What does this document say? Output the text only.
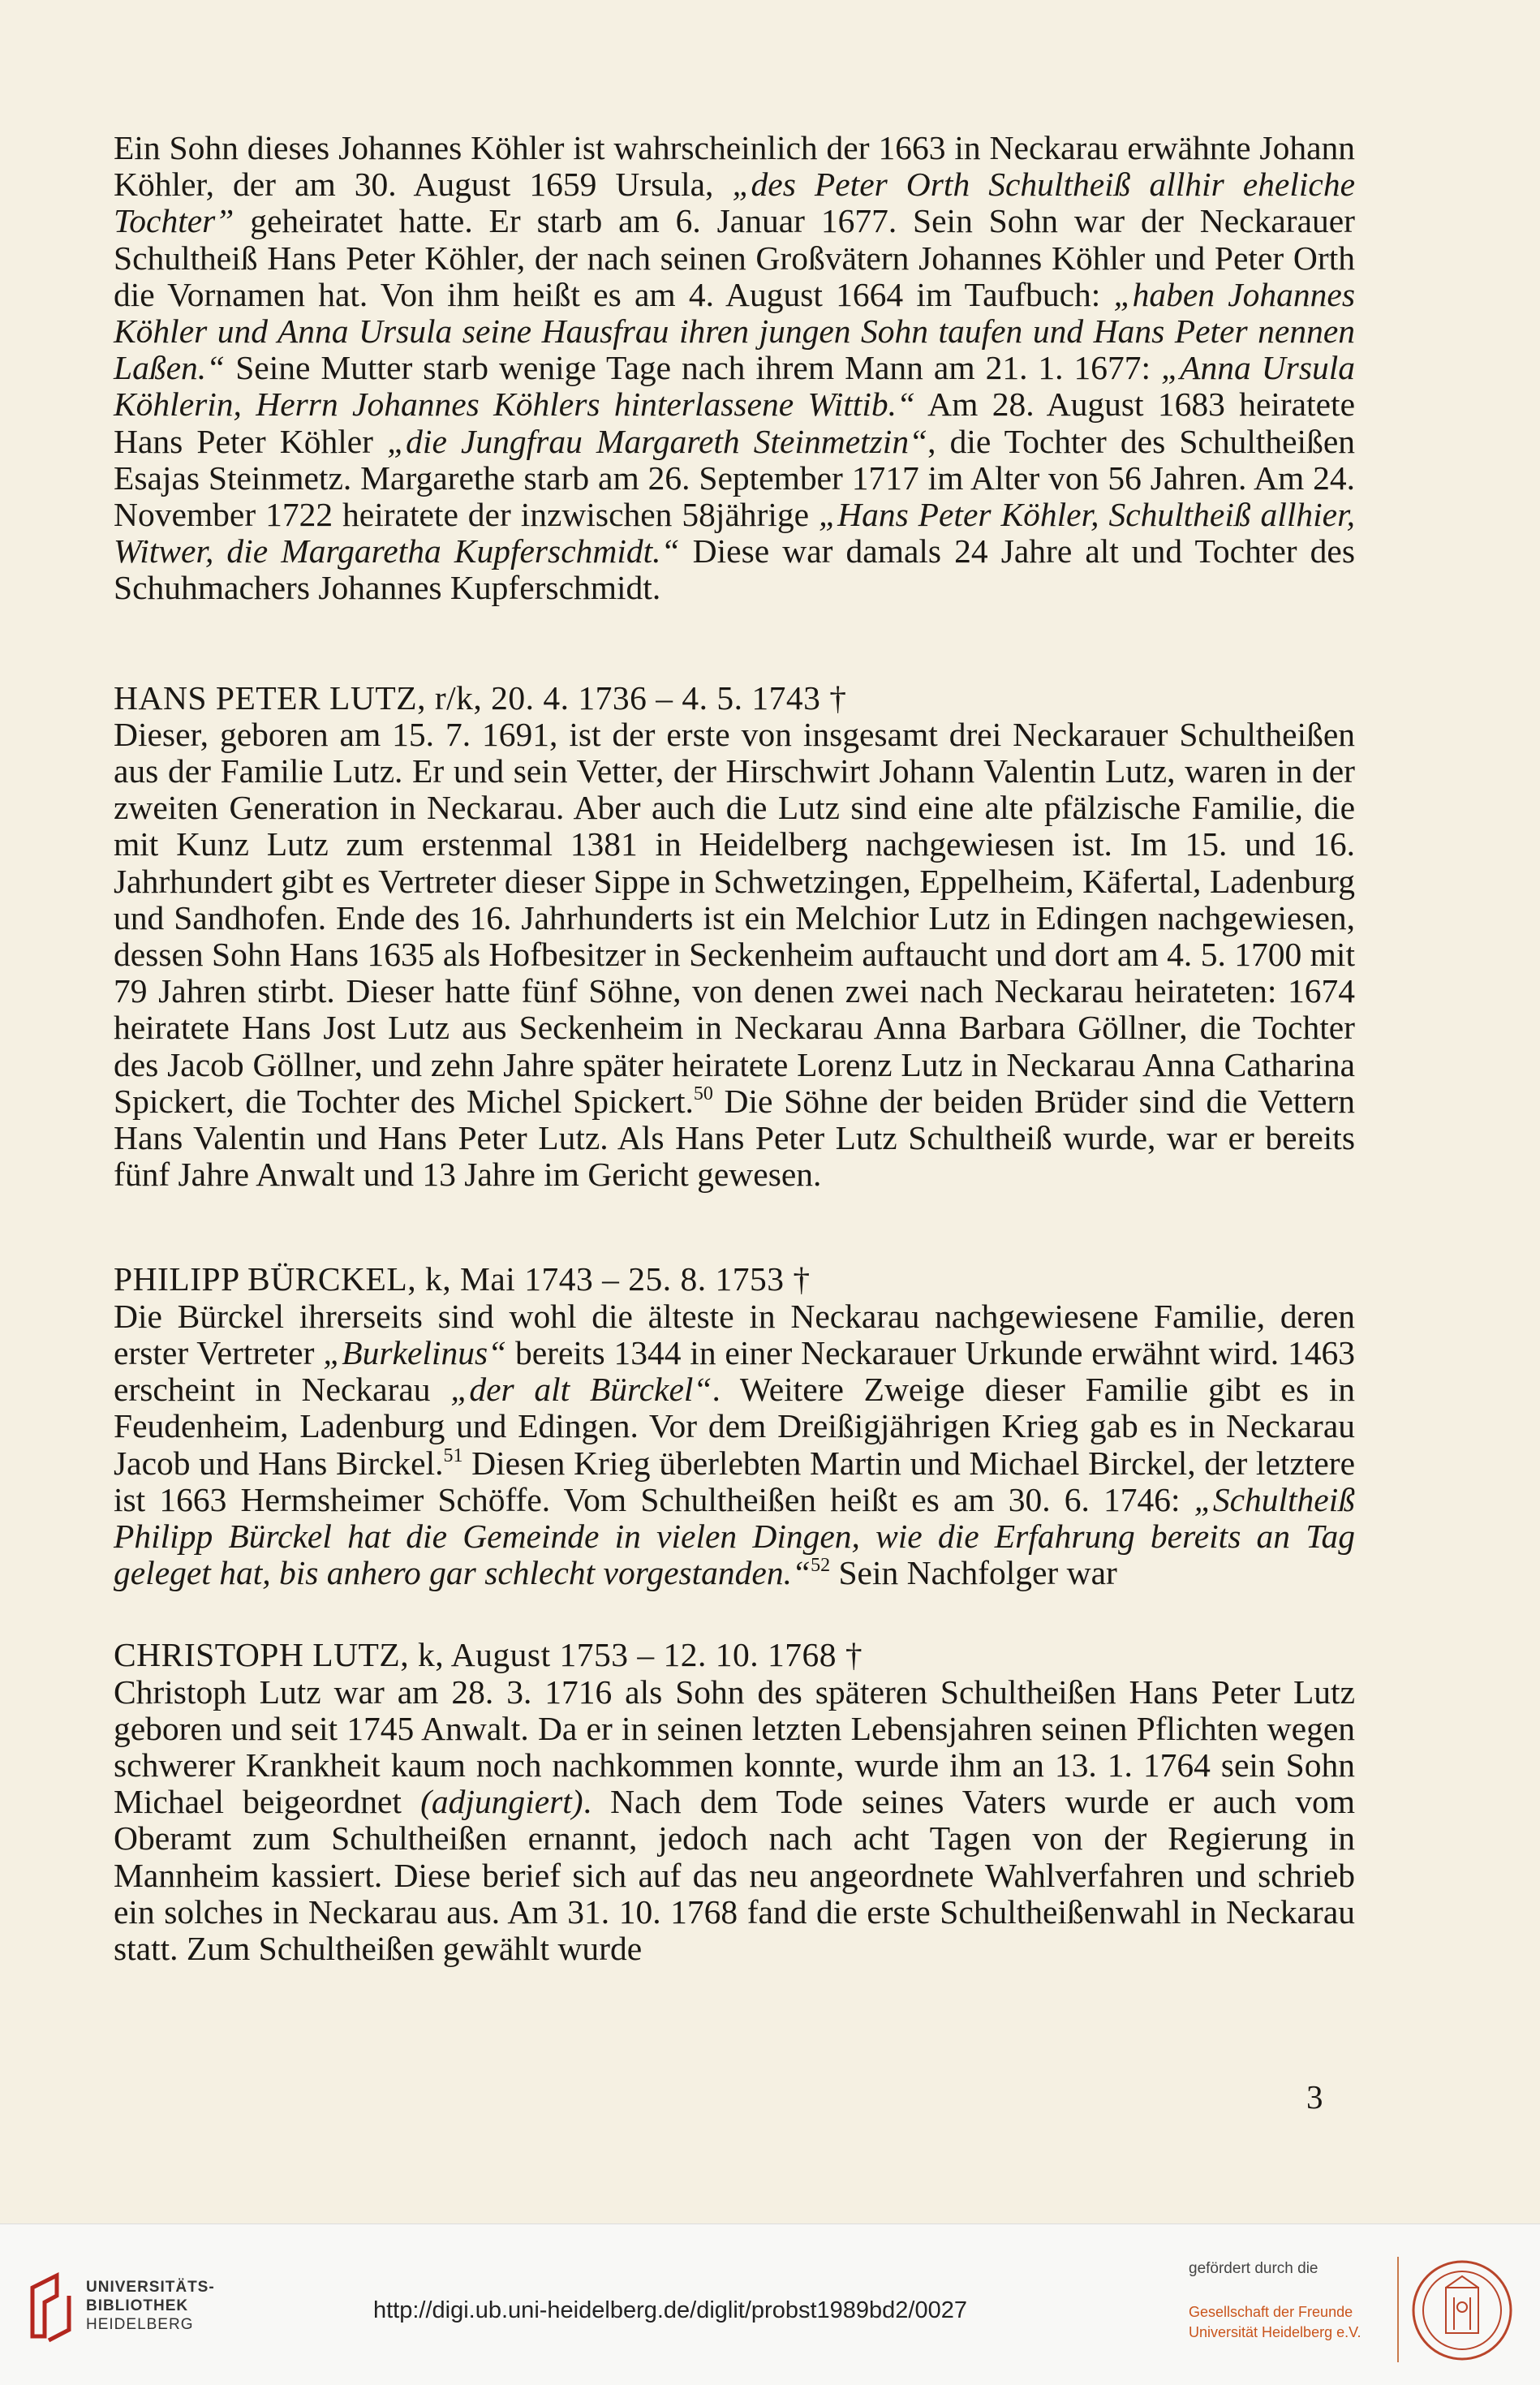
Ein Sohn dieses Johannes Köhler ist wahrscheinlich der 1663 in Neckarau erwähnte Johann Köhler, der am 30. August 1659 Ursula, „des Peter Orth Schultheiß allhir eheliche Tochter” geheiratet hatte. Er starb am 6. Januar 1677. Sein Sohn war der Neckarauer Schultheiß Hans Peter Köhler, der nach seinen Großvätern Johannes Köhler und Peter Orth die Vornamen hat. Von ihm heißt es am 4. August 1664 im Taufbuch: „haben Johannes Köhler und Anna Ursula seine Hausfrau ihren jungen Sohn taufen und Hans Peter nennen Laßen.“ Seine Mutter starb wenige Tage nach ihrem Mann am 21. 1. 1677: „Anna Ursula Köhlerin, Herrn Johannes Köhlers hinterlassene Wittib.“ Am 28. August 1683 heiratete Hans Peter Köhler „die Jungfrau Margareth Steinmetzin“, die Tochter des Schultheißen Esajas Steinmetz. Margarethe starb am 26. September 1717 im Alter von 56 Jahren. Am 24. November 1722 heiratete der inzwischen 58jährige „Hans Peter Köhler, Schultheiß allhier, Witwer, die Margaretha Kupferschmidt.“ Diese war damals 24 Jahre alt und Tochter des Schuhmachers Johannes Kupferschmidt.

HANS PETER LUTZ, r/k, 20. 4. 1736 – 4. 5. 1743 †

Dieser, geboren am 15. 7. 1691, ist der erste von insgesamt drei Neckarauer Schultheißen aus der Familie Lutz. Er und sein Vetter, der Hirschwirt Johann Valentin Lutz, waren in der zweiten Generation in Neckarau. Aber auch die Lutz sind eine alte pfälzische Familie, die mit Kunz Lutz zum erstenmal 1381 in Heidelberg nachgewiesen ist. Im 15. und 16. Jahrhundert gibt es Vertreter dieser Sippe in Schwetzingen, Eppelheim, Käfertal, Ladenburg und Sandhofen. Ende des 16. Jahrhunderts ist ein Melchior Lutz in Edingen nachgewiesen, dessen Sohn Hans 1635 als Hofbesitzer in Seckenheim auftaucht und dort am 4. 5. 1700 mit 79 Jahren stirbt. Dieser hatte fünf Söhne, von denen zwei nach Neckarau heirateten: 1674 heiratete Hans Jost Lutz aus Seckenheim in Neckarau Anna Barbara Göllner, die Tochter des Jacob Göllner, und zehn Jahre später heiratete Lorenz Lutz in Neckarau Anna Catharina Spickert, die Tochter des Michel Spickert.$^{50}$ Die Söhne der beiden Brüder sind die Vettern Hans Valentin und Hans Peter Lutz. Als Hans Peter Lutz Schultheiß wurde, war er bereits fünf Jahre Anwalt und 13 Jahre im Gericht gewesen.

PHILIPP BÜRCKEL, k, Mai 1743 – 25. 8. 1753 †

Die Bürckel ihrerseits sind wohl die älteste in Neckarau nachgewiesene Familie, deren erster Vertreter „Burkelinus“ bereits 1344 in einer Neckarauer Urkunde erwähnt wird. 1463 erscheint in Neckarau „der alt Bürckel“. Weitere Zweige dieser Familie gibt es in Feudenheim, Ladenburg und Edingen. Vor dem Dreißigjährigen Krieg gab es in Neckarau Jacob und Hans Birckel.$^{51}$ Diesen Krieg überlebten Martin und Michael Birckel, der letztere ist 1663 Hermsheimer Schöffe. Vom Schultheißen heißt es am 30. 6. 1746: „Schultheiß Philipp Bürckel hat die Gemeinde in vielen Dingen, wie die Erfahrung bereits an Tag geleget hat, bis anhero gar schlecht vorgestanden.“$^{52}$ Sein Nachfolger war

CHRISTOPH LUTZ, k, August 1753 – 12. 10. 1768 †

Christoph Lutz war am 28. 3. 1716 als Sohn des späteren Schultheißen Hans Peter Lutz geboren und seit 1745 Anwalt. Da er in seinen letzten Lebensjahren seinen Pflichten wegen schwerer Krankheit kaum noch nachkommen konnte, wurde ihm an 13. 1. 1764 sein Sohn Michael beigeordnet (adjungiert). Nach dem Tode seines Vaters wurde er auch vom Oberamt zum Schultheißen ernannt, jedoch nach acht Tagen von der Regierung in Mannheim kassiert. Diese berief sich auf das neu angeordnete Wahlverfahren und schrieb ein solches in Neckarau aus. Am 31. 10. 1768 fand die erste Schultheißenwahl in Neckarau statt. Zum Schultheißen gewählt wurde

3
UNIVERSITÄTS-
BIBLIOTHEK
HEIDELBERG
http://digi.ub.uni-heidelberg.de/diglit/probst1989bd2/0027
gefördert durch die
Gesellschaft der Freunde
Universität Heidelberg e.V.
